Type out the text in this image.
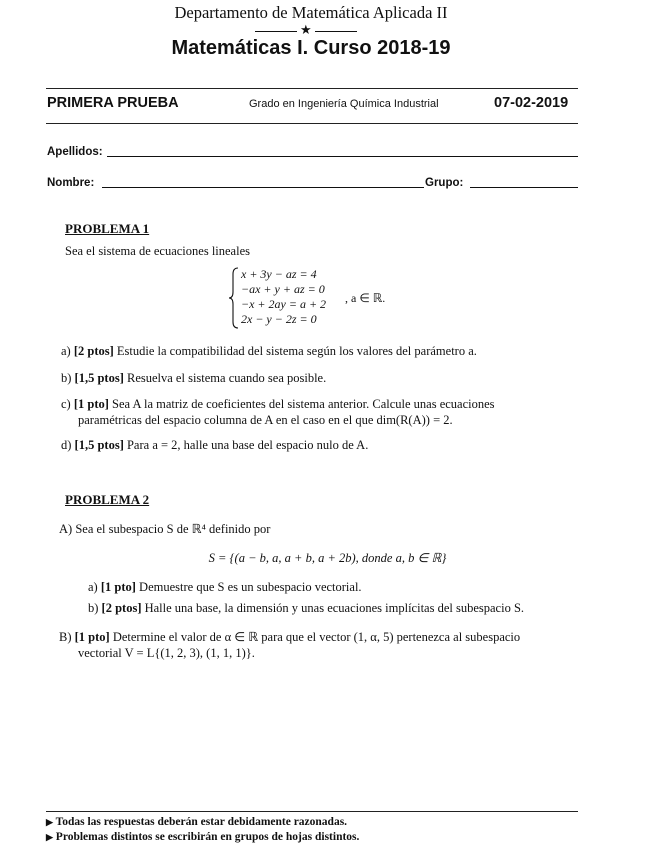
Departamento de Matemática Aplicada II
★
Matemáticas I. Curso 2018-19
PRIMERA PRUEBA	Grado en Ingeniería Química Industrial	07-02-2019
Apellidos:
Nombre:	Grupo:
PROBLEMA 1
Sea el sistema de ecuaciones lineales
x + 3y − az = 4
−ax + y + az = 0
−x + 2ay = a + 2
2x − y − 2z = 0
, a ∈ ℝ.
a) [2 ptos] Estudie la compatibilidad del sistema según los valores del parámetro a.
b) [1,5 ptos] Resuelva el sistema cuando sea posible.
c) [1 pto] Sea A la matriz de coeficientes del sistema anterior. Calcule unas ecuaciones
paramétricas del espacio columna de A en el caso en el que dim(R(A)) = 2.
d) [1,5 ptos] Para a = 2, halle una base del espacio nulo de A.
PROBLEMA 2
A) Sea el subespacio S de ℝ⁴ definido por
S = {(a − b, a, a + b, a + 2b), donde a, b ∈ ℝ}
a) [1 pto] Demuestre que S es un subespacio vectorial.
b) [2 ptos] Halle una base, la dimensión y unas ecuaciones implícitas del subespacio S.
B) [1 pto] Determine el valor de α ∈ ℝ para que el vector (1, α, 5) pertenezca al subespacio
vectorial V = L{(1, 2, 3), (1, 1, 1)}.
▶ Todas las respuestas deberán estar debidamente razonadas.
▶ Problemas distintos se escribirán en grupos de hojas distintos.
